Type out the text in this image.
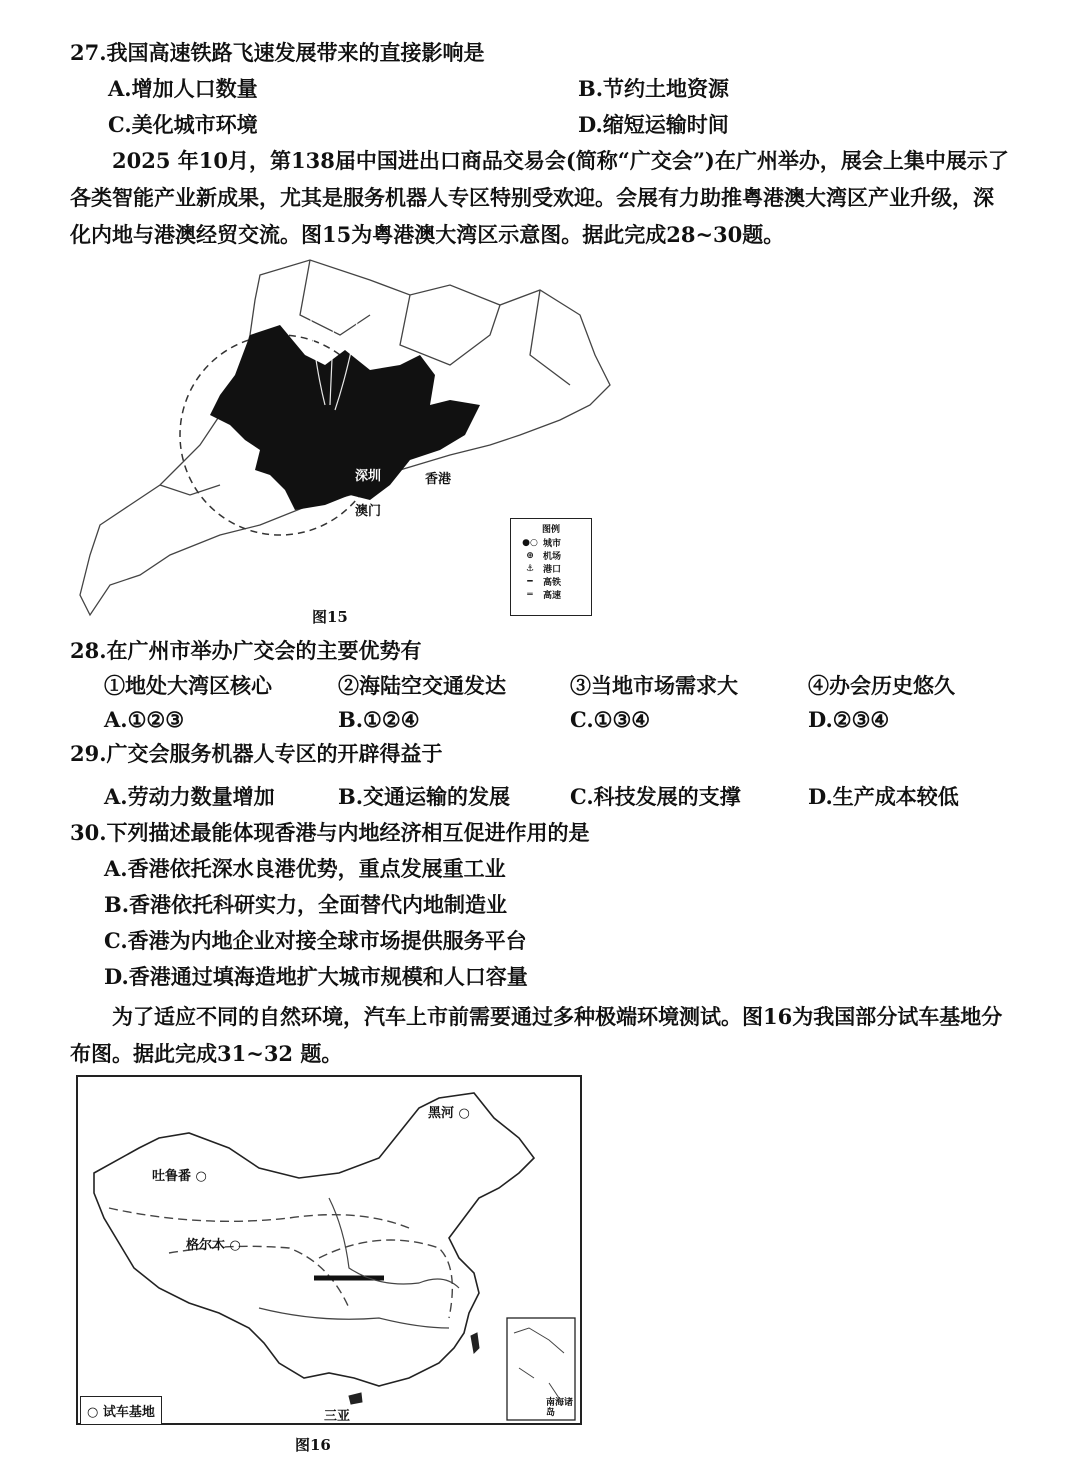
27.我国高速铁路飞速发展带来的直接影响是
A.增加人口数量	B.节约土地资源
C.美化城市环境	D.缩短运输时间
2025 年10月，第138届中国进出口商品交易会(简称“广交会”)在广州举办，展会上集中展示了各类智能产业新成果，尤其是服务机器人专区特别受欢迎。会展有力助推粤港澳大湾区产业升级，深化内地与港澳经贸交流。图15为粤港澳大湾区示意图。据此完成28~30题。
深圳	香港
澳门
图例
●○ 城市
⊕	机场
⚓ 港口
━	高铁
═	高速
图15
28.在广州市举办广交会的主要优势有
①地处大湾区核心	②海陆空交通发达	③当地市场需求大	④办会历史悠久
A.①②③	B.①②④	C.①③④	D.②③④
29.广交会服务机器人专区的开辟得益于
A.劳动力数量增加	B.交通运输的发展	C.科技发展的支撑	D.生产成本较低
30.下列描述最能体现香港与内地经济相互促进作用的是
A.香港依托深水良港优势，重点发展重工业
B.香港依托科研实力，全面替代内地制造业
C.香港为内地企业对接全球市场提供服务平台
D.香港通过填海造地扩大城市规模和人口容量
为了适应不同的自然环境，汽车上市前需要通过多种极端环境测试。图16为我国部分试车基地分布图。据此完成31~32 题。
黑河 ○
吐鲁番 ○
格尔木 ○
三亚
南海诸岛
○ 试车基地
图16
